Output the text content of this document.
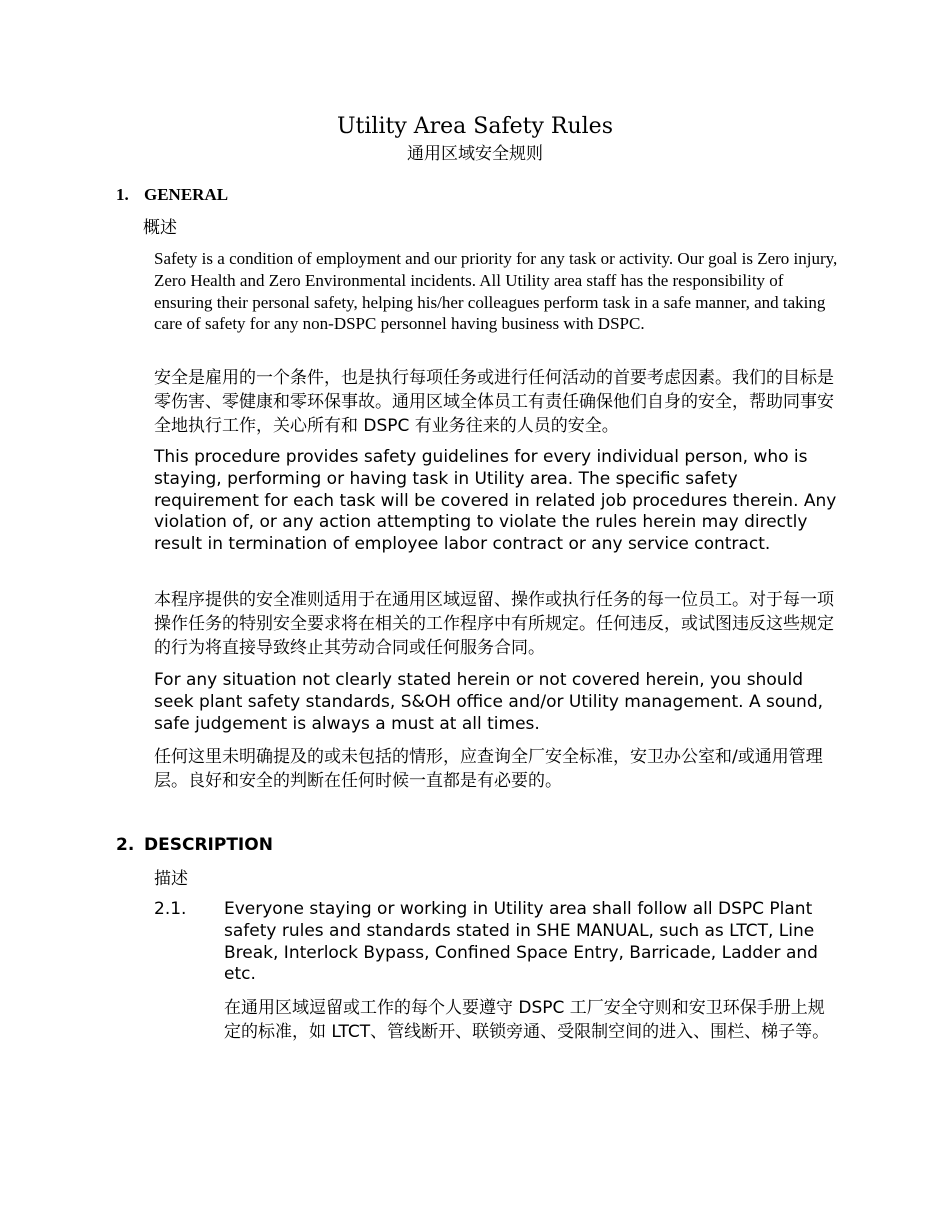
Utility Area Safety Rules
通用区域安全规则
1. GENERAL
概述

Safety is a condition of employment and our priority for any task or activity. Our goal is Zero injury, Zero Health and Zero Environmental incidents. All Utility area staff has the responsibility of ensuring their personal safety, helping his/her colleagues perform task in a safe manner, and taking care of safety for any non-DSPC personnel having business with DSPC.

安全是雇用的一个条件，也是执行每项任务或进行任何活动的首要考虑因素。我们的目标是零伤害、零健康和零环保事故。通用区域全体员工有责任确保他们自身的安全，帮助同事安全地执行工作，关心所有和 DSPC 有业务往来的人员的安全。

This procedure provides safety guidelines for every individual person, who is staying, performing or having task in Utility area. The specific safety requirement for each task will be covered in related job procedures therein. Any violation of, or any action attempting to violate the rules herein may directly result in termination of employee labor contract or any service contract.

本程序提供的安全准则适用于在通用区域逗留、操作或执行任务的每一位员工。对于每一项操作任务的特别安全要求将在相关的工作程序中有所规定。任何违反，或试图违反这些规定的行为将直接导致终止其劳动合同或任何服务合同。

For any situation not clearly stated herein or not covered herein, you should seek plant safety standards, S&OH office and/or Utility management. A sound, safe judgement is always a must at all times.

任何这里未明确提及的或未包括的情形，应查询全厂安全标准，安卫办公室和/或通用管理层。良好和安全的判断在任何时候一直都是有必要的。

2. DESCRIPTION
描述
2.1. Everyone staying or working in Utility area shall follow all DSPC Plant safety rules and standards stated in SHE MANUAL, such as LTCT, Line Break, Interlock Bypass, Confined Space Entry, Barricade, Ladder and etc.

在通用区域逗留或工作的每个人要遵守 DSPC 工厂安全守则和安卫环保手册上规定的标准，如 LTCT、管线断开、联锁旁通、受限制空间的进入、围栏、梯子等。
